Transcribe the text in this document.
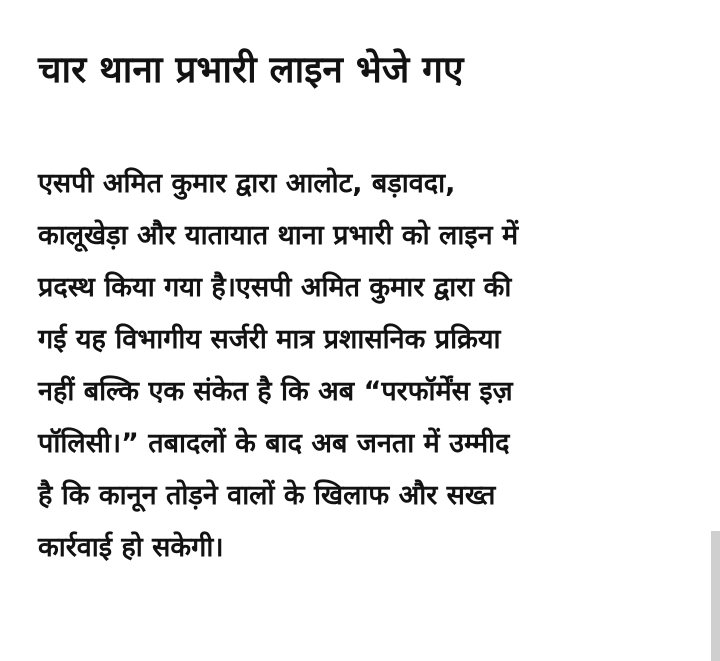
चार थाना प्रभारी लाइन भेजे गए

एसपी अमित कुमार द्वारा आलोट, बड़ावदा,
कालूखेड़ा और यातायात थाना प्रभारी को लाइन में
प्रदस्थ किया गया है।एसपी अमित कुमार द्वारा की
गई यह विभागीय सर्जरी मात्र प्रशासनिक प्रक्रिया
नहीं बल्कि एक संकेत है कि अब “परफॉर्मेंस इज़
पॉलिसी।” तबादलों के बाद अब जनता में उम्मीद
है कि कानून तोड़ने वालों के खिलाफ और सख्त
कार्रवाई हो सकेगी।
